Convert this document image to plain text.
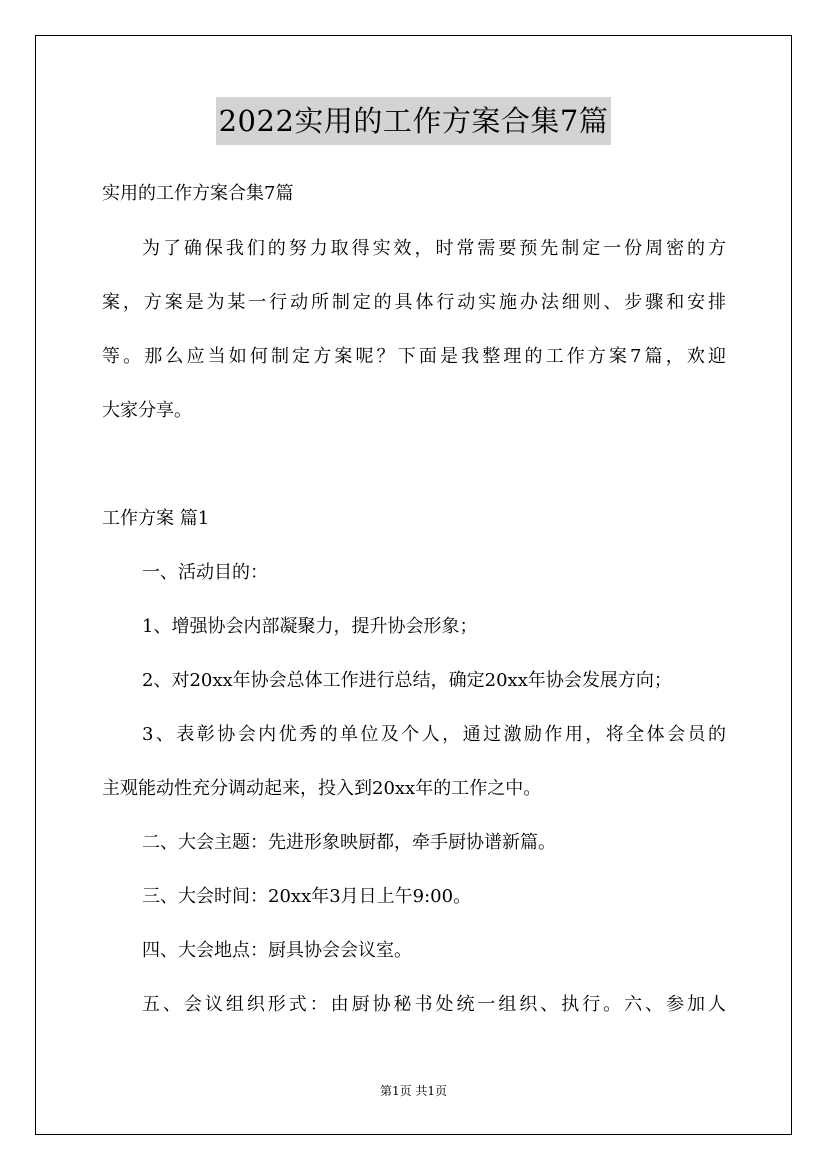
2022实用的工作方案合集7篇
实用的工作方案合集7篇
为了确保我们的努力取得实效，时常需要预先制定一份周密的方
案，方案是为某一行动所制定的具体行动实施办法细则、步骤和安排
等。那么应当如何制定方案呢？下面是我整理的工作方案7篇，欢迎
大家分享。
工作方案 篇1
一、活动目的：
1、增强协会内部凝聚力，提升协会形象；
2、对20xx年协会总体工作进行总结，确定20xx年协会发展方向；
3、表彰协会内优秀的单位及个人，通过激励作用，将全体会员的
主观能动性充分调动起来，投入到20xx年的工作之中。
二、大会主题：先进形象映厨都，牵手厨协谱新篇。
三、大会时间：20xx年3月日上午9:00。
四、大会地点：厨具协会会议室。
五、会议组织形式：由厨协秘书处统一组织、执行。六、参加人
第1页 共1页
